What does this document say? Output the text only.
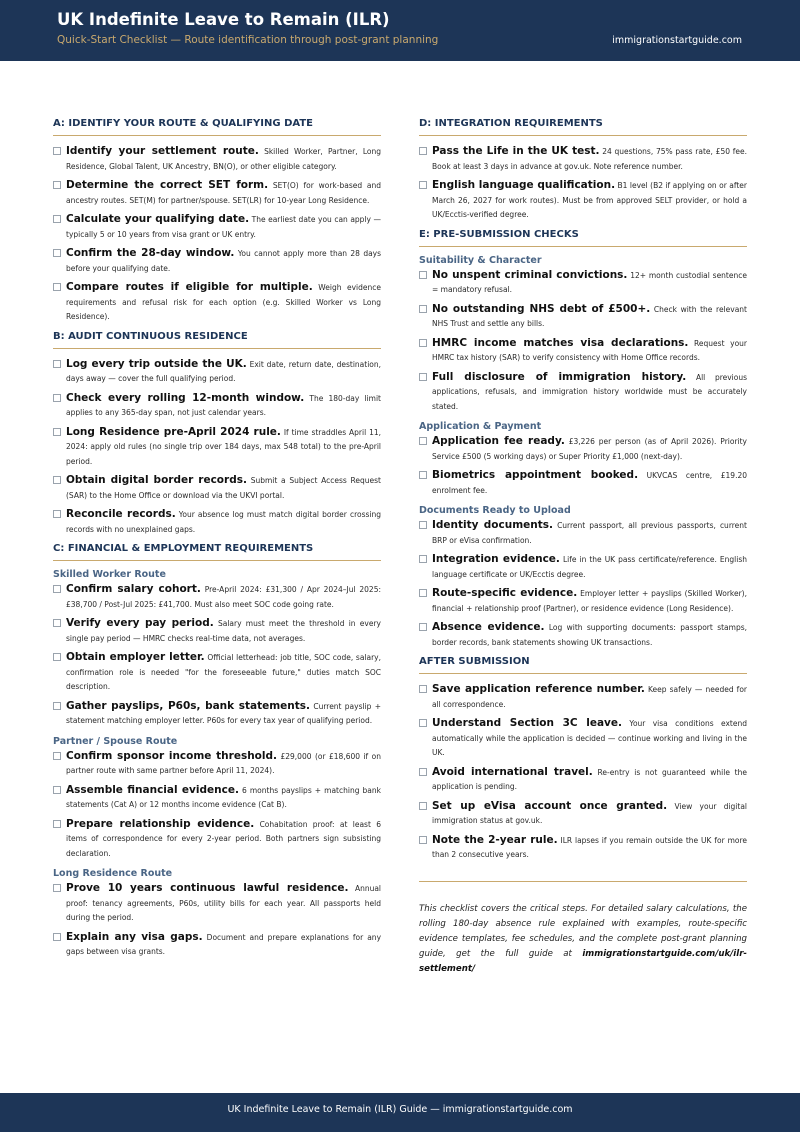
UK Indefinite Leave to Remain (ILR)
Quick-Start Checklist — Route identification through post-grant planning	immigrationstartguide.com
A: IDENTIFY YOUR ROUTE & QUALIFYING DATE
Identify your settlement route. Skilled Worker, Partner, Long Residence, Global Talent, UK Ancestry, BN(O), or other eligible category.
Determine the correct SET form. SET(O) for work-based and ancestry routes. SET(M) for partner/spouse. SET(LR) for 10-year Long Residence.
Calculate your qualifying date. The earliest date you can apply — typically 5 or 10 years from visa grant or UK entry.
Confirm the 28-day window. You cannot apply more than 28 days before your qualifying date.
Compare routes if eligible for multiple. Weigh evidence requirements and refusal risk for each option (e.g. Skilled Worker vs Long Residence).
B: AUDIT CONTINUOUS RESIDENCE
Log every trip outside the UK. Exit date, return date, destination, days away — cover the full qualifying period.
Check every rolling 12-month window. The 180-day limit applies to any 365-day span, not just calendar years.
Long Residence pre-April 2024 rule. If time straddles April 11, 2024: apply old rules (no single trip over 184 days, max 548 total) to the pre-April period.
Obtain digital border records. Submit a Subject Access Request (SAR) to the Home Office or download via the UKVI portal.
Reconcile records. Your absence log must match digital border crossing records with no unexplained gaps.
C: FINANCIAL & EMPLOYMENT REQUIREMENTS
Skilled Worker Route
Confirm salary cohort. Pre-April 2024: £31,300 / Apr 2024–Jul 2025: £38,700 / Post-Jul 2025: £41,700. Must also meet SOC code going rate.
Verify every pay period. Salary must meet the threshold in every single pay period — HMRC checks real-time data, not averages.
Obtain employer letter. Official letterhead: job title, SOC code, salary, confirmation role is needed "for the foreseeable future," duties match SOC description.
Gather payslips, P60s, bank statements. Current payslip + statement matching employer letter. P60s for every tax year of qualifying period.
Partner / Spouse Route
Confirm sponsor income threshold. £29,000 (or £18,600 if on partner route with same partner before April 11, 2024).
Assemble financial evidence. 6 months payslips + matching bank statements (Cat A) or 12 months income evidence (Cat B).
Prepare relationship evidence. Cohabitation proof: at least 6 items of correspondence for every 2-year period. Both partners sign subsisting declaration.
Long Residence Route
Prove 10 years continuous lawful residence. Annual proof: tenancy agreements, P60s, utility bills for each year. All passports held during the period.
Explain any visa gaps. Document and prepare explanations for any gaps between visa grants.
D: INTEGRATION REQUIREMENTS
Pass the Life in the UK test. 24 questions, 75% pass rate, £50 fee. Book at least 3 days in advance at gov.uk. Note reference number.
English language qualification. B1 level (B2 if applying on or after March 26, 2027 for work routes). Must be from approved SELT provider, or hold a UK/Ecctis-verified degree.
E: PRE-SUBMISSION CHECKS
Suitability & Character
No unspent criminal convictions. 12+ month custodial sentence = mandatory refusal.
No outstanding NHS debt of £500+. Check with the relevant NHS Trust and settle any bills.
HMRC income matches visa declarations. Request your HMRC tax history (SAR) to verify consistency with Home Office records.
Full disclosure of immigration history. All previous applications, refusals, and immigration history worldwide must be accurately stated.
Application & Payment
Application fee ready. £3,226 per person (as of April 2026). Priority Service £500 (5 working days) or Super Priority £1,000 (next-day).
Biometrics appointment booked. UKVCAS centre, £19.20 enrolment fee.
Documents Ready to Upload
Identity documents. Current passport, all previous passports, current BRP or eVisa confirmation.
Integration evidence. Life in the UK pass certificate/reference. English language certificate or UK/Ecctis degree.
Route-specific evidence. Employer letter + payslips (Skilled Worker), financial + relationship proof (Partner), or residence evidence (Long Residence).
Absence evidence. Log with supporting documents: passport stamps, border records, bank statements showing UK transactions.
AFTER SUBMISSION
Save application reference number. Keep safely — needed for all correspondence.
Understand Section 3C leave. Your visa conditions extend automatically while the application is decided — continue working and living in the UK.
Avoid international travel. Re-entry is not guaranteed while the application is pending.
Set up eVisa account once granted. View your digital immigration status at gov.uk.
Note the 2-year rule. ILR lapses if you remain outside the UK for more than 2 consecutive years.

This checklist covers the critical steps. For detailed salary calculations, the rolling 180-day absence rule explained with examples, route-specific evidence templates, fee schedules, and the complete post-grant planning guide, get the full guide at immigrationstartguide.com/uk/ilr-settlement/

UK Indefinite Leave to Remain (ILR) Guide — immigrationstartguide.com
